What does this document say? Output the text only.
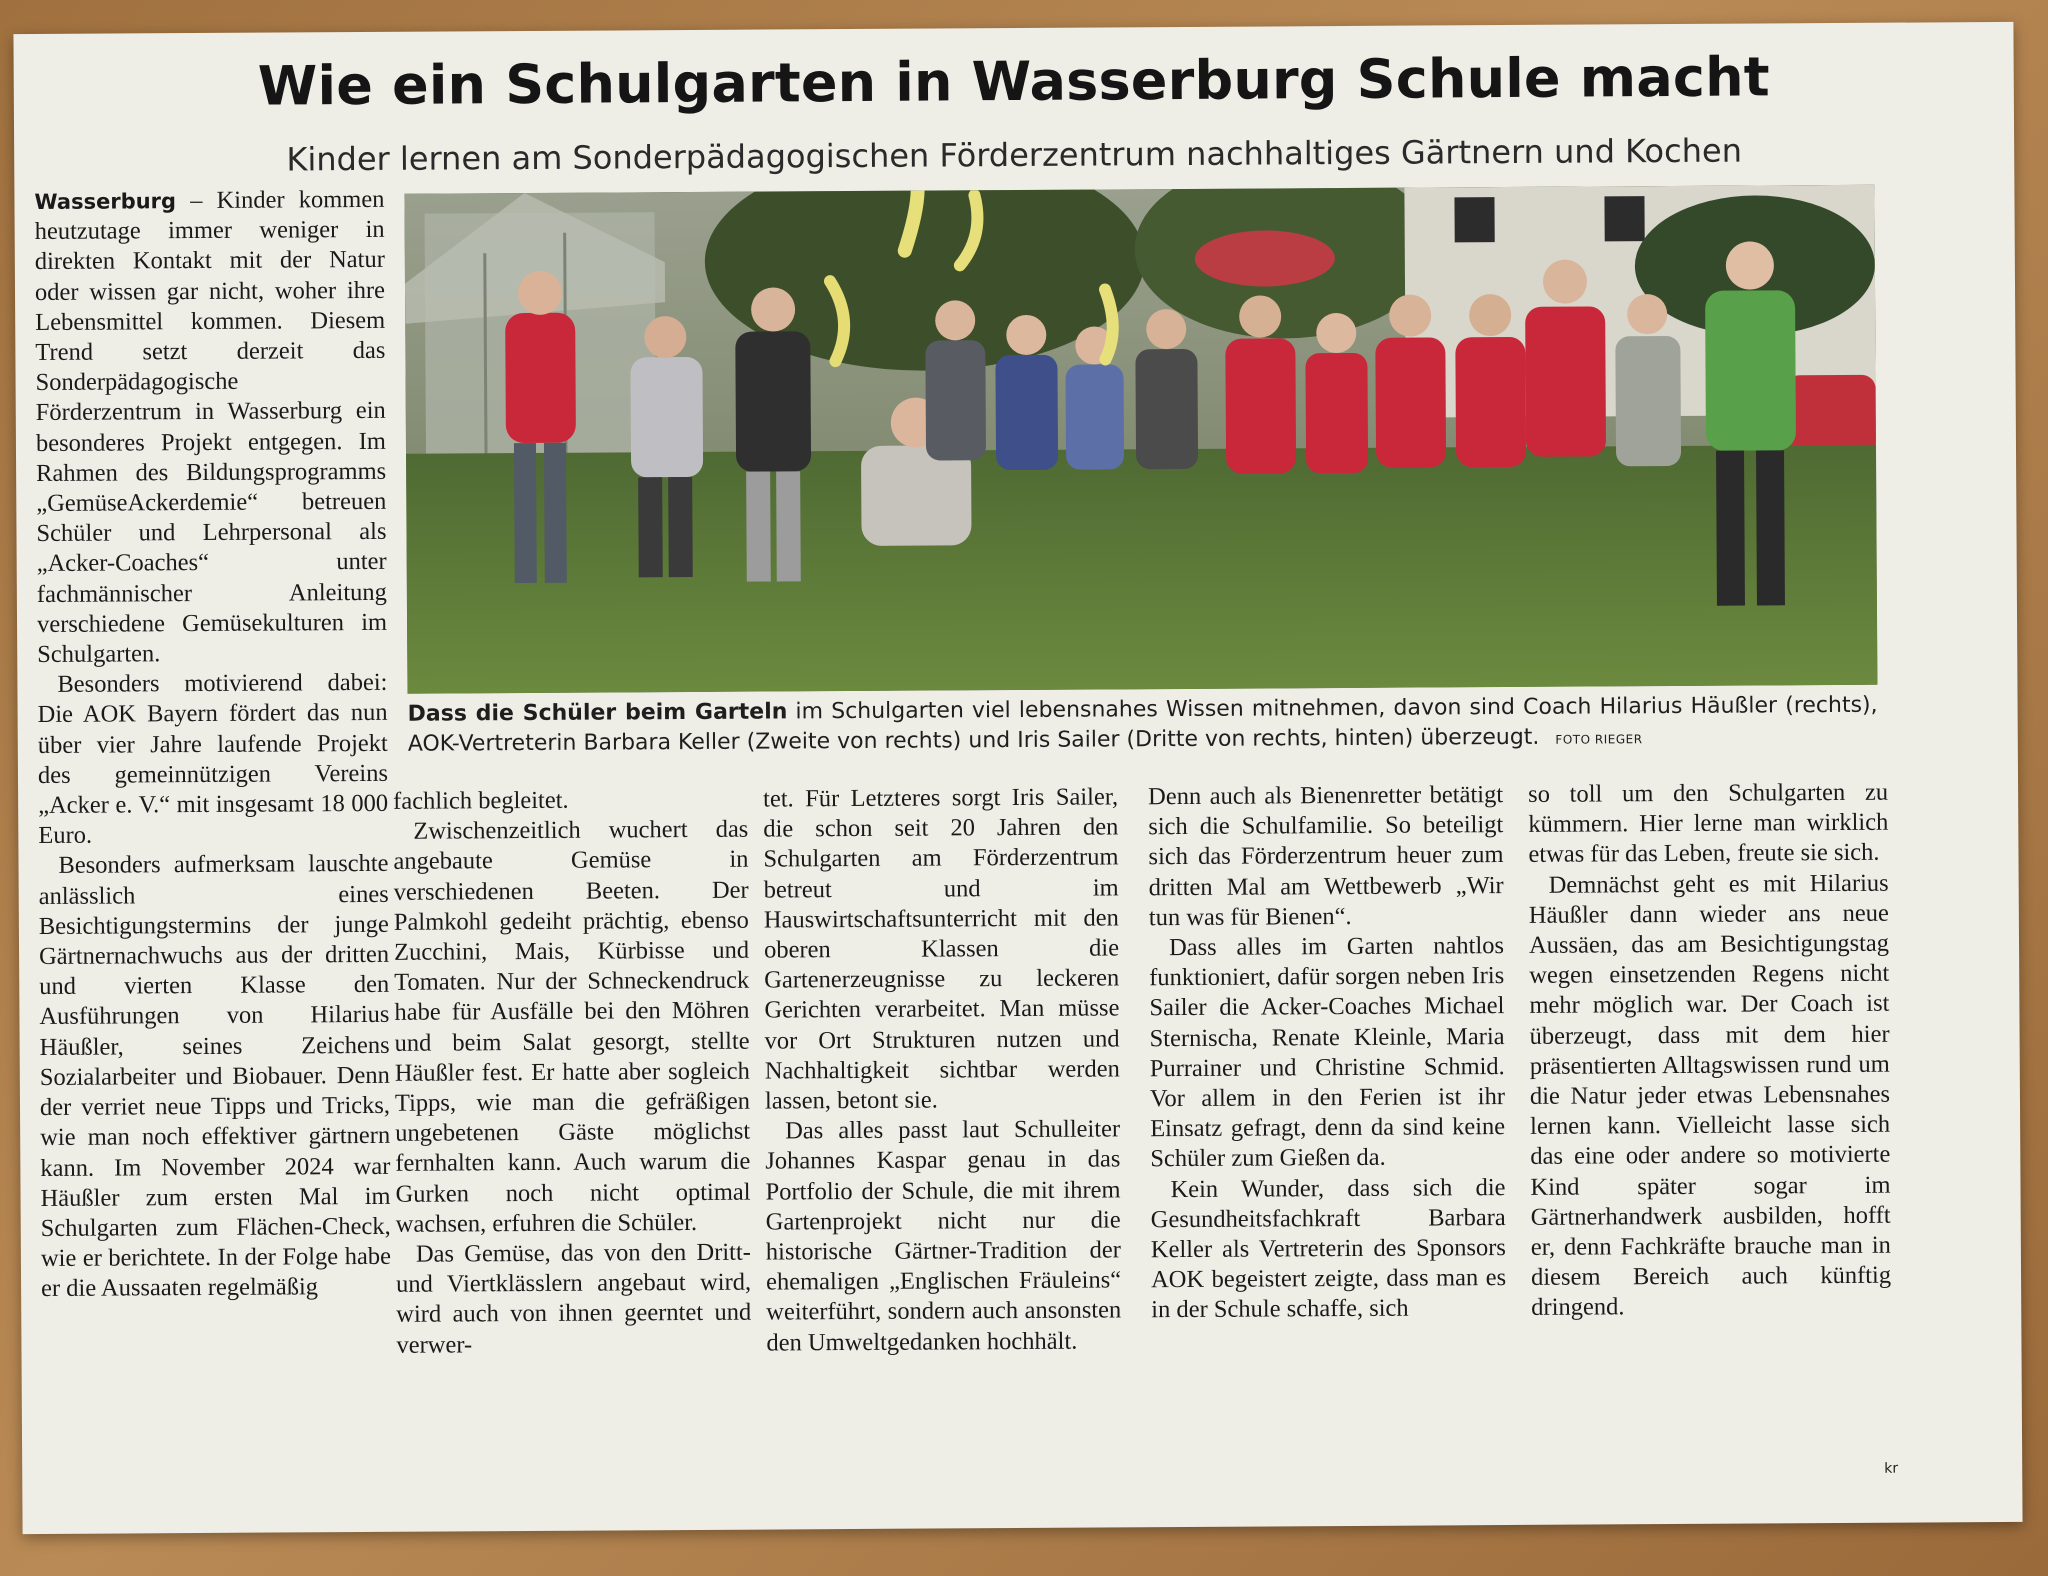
Wie ein Schulgarten in Wasserburg Schule macht
Kinder lernen am Sonderpädagogischen Förderzentrum nachhaltiges Gärtnern und Kochen

Wasserburg – Kinder kommen heutzutage immer weniger in direkten Kontakt mit der Natur oder wissen gar nicht, woher ihre Lebensmittel kommen. Diesem Trend setzt derzeit das Sonderpädagogische Förderzentrum in Wasserburg ein besonderes Projekt entgegen. Im Rahmen des Bildungsprogramms „GemüseAckerdemie“ betreuen Schüler und Lehrpersonal als „Acker-Coaches“ unter fachmännischer Anleitung verschiedene Gemüsekulturen im Schulgarten.

Besonders motivierend dabei: Die AOK Bayern fördert das nun über vier Jahre laufende Projekt des gemeinnützigen Vereins „Acker e. V.“ mit insgesamt 18 000 Euro.

Besonders aufmerksam lauschte anlässlich eines Besichtigungstermins der junge Gärtnernachwuchs aus der dritten und vierten Klasse den Ausführungen von Hilarius Häußler, seines Zeichens Sozialarbeiter und Biobauer. Denn der verriet neue Tipps und Tricks, wie man noch effektiver gärtnern kann. Im November 2024 war Häußler zum ersten Mal im Schulgarten zum Flächen-Check, wie er berichtete. In der Folge habe er die Aussaaten regelmäßig

Dass die Schüler beim Garteln im Schulgarten viel lebensnahes Wissen mitnehmen, davon sind Coach Hilarius Häußler (rechts), AOK-Vertreterin Barbara Keller (Zweite von rechts) und Iris Sailer (Dritte von rechts, hinten) überzeugt. FOTO RIEGER

fachlich begleitet.

Zwischenzeitlich wuchert das angebaute Gemüse in verschiedenen Beeten. Der Palmkohl gedeiht prächtig, ebenso Zucchini, Mais, Kürbisse und Tomaten. Nur der Schneckendruck habe für Ausfälle bei den Möhren und beim Salat gesorgt, stellte Häußler fest. Er hatte aber sogleich Tipps, wie man die gefräßigen ungebetenen Gäste möglichst fernhalten kann. Auch warum die Gurken noch nicht optimal wachsen, erfuhren die Schüler.

Das Gemüse, das von den Dritt- und Viertklässlern angebaut wird, wird auch von ihnen geerntet und verwer-

tet. Für Letzteres sorgt Iris Sailer, die schon seit 20 Jahren den Schulgarten am Förderzentrum betreut und im Hauswirtschaftsunterricht mit den oberen Klassen die Gartenerzeugnisse zu leckeren Gerichten verarbeitet. Man müsse vor Ort Strukturen nutzen und Nachhaltigkeit sichtbar werden lassen, betont sie.

Das alles passt laut Schulleiter Johannes Kaspar genau in das Portfolio der Schule, die mit ihrem Gartenprojekt nicht nur die historische Gärtner-Tradition der ehemaligen „Englischen Fräuleins“ weiterführt, sondern auch ansonsten den Umweltgedanken hochhält.

Denn auch als Bienenretter betätigt sich die Schulfamilie. So beteiligt sich das Förderzentrum heuer zum dritten Mal am Wettbewerb „Wir tun was für Bienen“.

Dass alles im Garten nahtlos funktioniert, dafür sorgen neben Iris Sailer die Acker-Coaches Michael Sternischa, Renate Kleinle, Maria Purrainer und Christine Schmid. Vor allem in den Ferien ist ihr Einsatz gefragt, denn da sind keine Schüler zum Gießen da.

Kein Wunder, dass sich die Gesundheitsfachkraft Barbara Keller als Vertreterin des Sponsors AOK begeistert zeigte, dass man es in der Schule schaffe, sich

so toll um den Schulgarten zu kümmern. Hier lerne man wirklich etwas für das Leben, freute sie sich.

Demnächst geht es mit Hilarius Häußler dann wieder ans neue Aussäen, das am Besichtigungstag wegen einsetzenden Regens nicht mehr möglich war. Der Coach ist überzeugt, dass mit dem hier präsentierten Alltagswissen rund um die Natur jeder etwas Lebensnahes lernen kann. Vielleicht lasse sich das eine oder andere so motivierte Kind später sogar im Gärtnerhandwerk ausbilden, hofft er, denn Fachkräfte brauche man in diesem Bereich auch künftig dringend.

kr
